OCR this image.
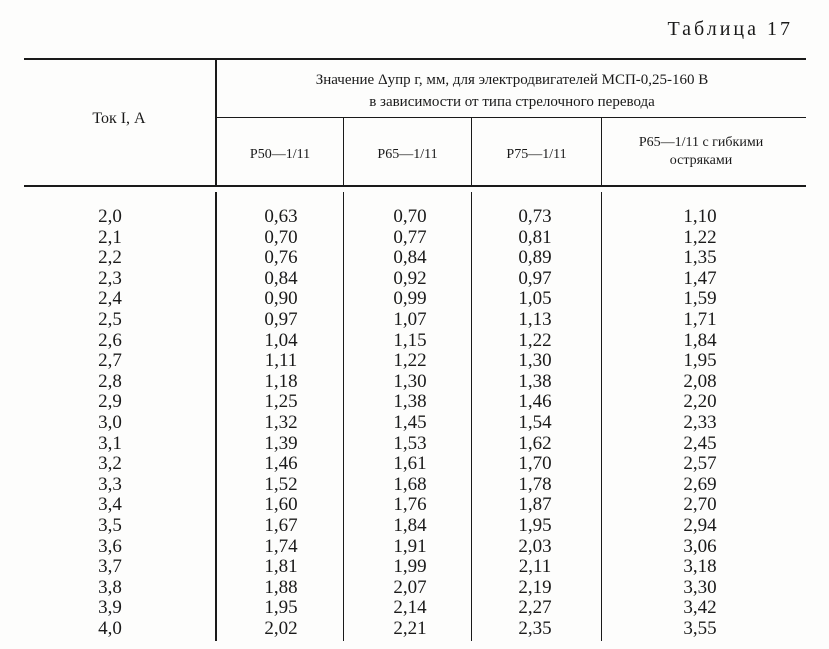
Таблица 17
Ток I, А
Значение Δупр г, мм, для электродвигателей МСП-0,25-160 В
в зависимости от типа стрелочного перевода
Р50—1/11	Р65—1/11	Р75—1/11
Р65—1/11 с гибкими остряками
2,0
2,1
2,2
2,3
2,4
2,5
2,6
2,7
2,8
2,9
3,0
3,1
3,2
3,3
3,4
3,5
3,6
3,7
3,8
3,9
4,0
0,63
0,70
0,76
0,84
0,90
0,97
1,04
1,11
1,18
1,25
1,32
1,39
1,46
1,52
1,60
1,67
1,74
1,81
1,88
1,95
2,02
0,70
0,77
0,84
0,92
0,99
1,07
1,15
1,22
1,30
1,38
1,45
1,53
1,61
1,68
1,76
1,84
1,91
1,99
2,07
2,14
2,21
0,73
0,81
0,89
0,97
1,05
1,13
1,22
1,30
1,38
1,46
1,54
1,62
1,70
1,78
1,87
1,95
2,03
2,11
2,19
2,27
2,35
1,10
1,22
1,35
1,47
1,59
1,71
1,84
1,95
2,08
2,20
2,33
2,45
2,57
2,69
2,70
2,94
3,06
3,18
3,30
3,42
3,55
